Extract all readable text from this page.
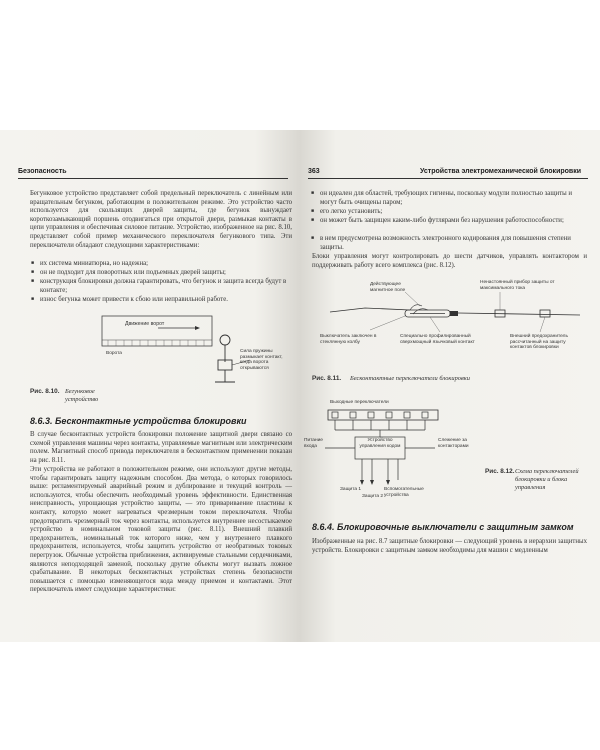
Безопасность
Бегунковое устройство представляет собой предельный переключатель с линейным или вращательным бегунком, работающим в положительном режиме. Это устройство часто используется для скользящих дверей защиты, где бегунок вынуждает короткозамыкающий поршень отодвигаться при открытой двери, размыкая контакты в цепи управления и обеспечивая силовое питание. Устройство, изображенное на рис. 8.10, представляет собой пример механического переключателя бегункового типа. Эти переключатели обладают следующими характеристиками:
■ их система миниатюрна, но надежна;
■ он не подходит для поворотных или подъемных дверей защиты;
■ конструкция блокировки должна гарантировать, что бегунок и защита всегда будут в контакте;
■ износ бегунка может привести к сбою или неправильной работе.
Движение ворот
Ворота	Сила пружины размыкает контакт, когда ворота открываются
Рис. 8.10. Бегунковое устройство
8.6.3. Бесконтактные устройства блокировки
В случае бесконтактных устройств блокировки положение защитной двери связано со схемой управления машины через контакты, управляемые магнитным или электрическим полем. Магнитный способ привода переключателя в бесконтактном применении показан на рис. 8.11.
Эти устройства не работают в положительном режиме, они используют другие методы, чтобы гарантировать защиту надежным способом. Два метода, о которых говорилось выше: регламентируемый аварийный режим и дублирование и текущий контроль — используются, чтобы обеспечить необходимый уровень эффективности. Единственная неисправность, упрощающая устройство защиты, — это привариваение пластины к контакту, которую может нагреваться чрезмерным током переключателя. Чтобы предотвратить чрезмерный ток через контакты, используется внутреннее несостыкаемое устройство в номинальном токовой защиты (рис. 8.11). Внешний плавкий предохранитель, номинальный ток которого ниже, чем у внутреннего плавкого предохранителя, используется, чтобы защитить устройство от необратимых токовых перегрузок. Обычные устройства приближения, активируемые стальными сердечниками, являются неподходящей заменой, поскольку другие объекты могут вызвать ложное срабатывание. В некоторых бесконтактных устройствах степень безопасности повышается с помощью изменяющегося кода между приемом и контактами. Этот переключатель имеет следующие характеристики:
363	Устройства электромеханической блокировки
■ он идеален для областей, требующих гигиены, поскольку модули полностью защиты и могут быть очищены паром;
■ его легко установить;
■ он может быть защищен каким-либо футлярами без нарушения работоспособности;
■ в нем предусмотрена возможность электронного кодирования для повышения степени защиты.
Блоки управления могут контролировать до шести датчиков, управлять контактором и поддерживать работу всего комплекса (рис. 8.12).
Действующее магнитное поле
Ненастоянный прибор защиты от максимального тока
Выключатель заключен в стеклянную колбу
Специально профилированный сверхмощный язычковый контакт
Внешний предохранитель рассчитанный на защиту контактов блокировки
Рис. 8.11.	Бесконтактные переключатели блокировки
Выходные переключатели
Питание входа
Устройство управления кодом
Слежение за контакторами
Защита 1
Защита 2
Вспомогательные устройства
Рис. 8.12. Схема переключателей блокировки и блока управления
8.6.4. Блокировочные выключатели с защитным замком
Изображенные на рис. 8.7 защитные блокировки — следующий уровень в иерархии защитных устройств. Блокировки с защитным замком необходимы для машин с медленным
